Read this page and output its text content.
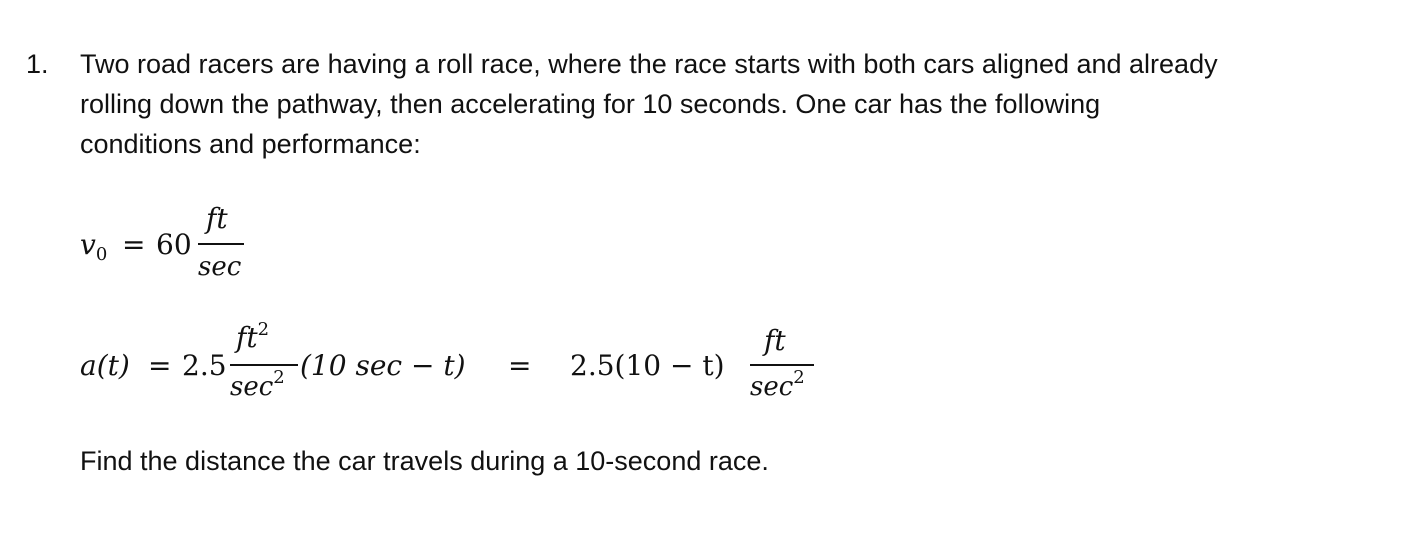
1. Two road racers are having a roll race, where the race starts with both cars aligned and already
rolling down the pathway, then accelerating for 10 seconds. One car has the following
conditions and performance:
$v_0 = 60$
ft
sec
a(t) = 2.5
$ft^2$
$\sec^2 (10$ sec − t) = 2.5(10 − t)
ft
$\sec^2$
Find the distance the car travels during a 10-second race.
